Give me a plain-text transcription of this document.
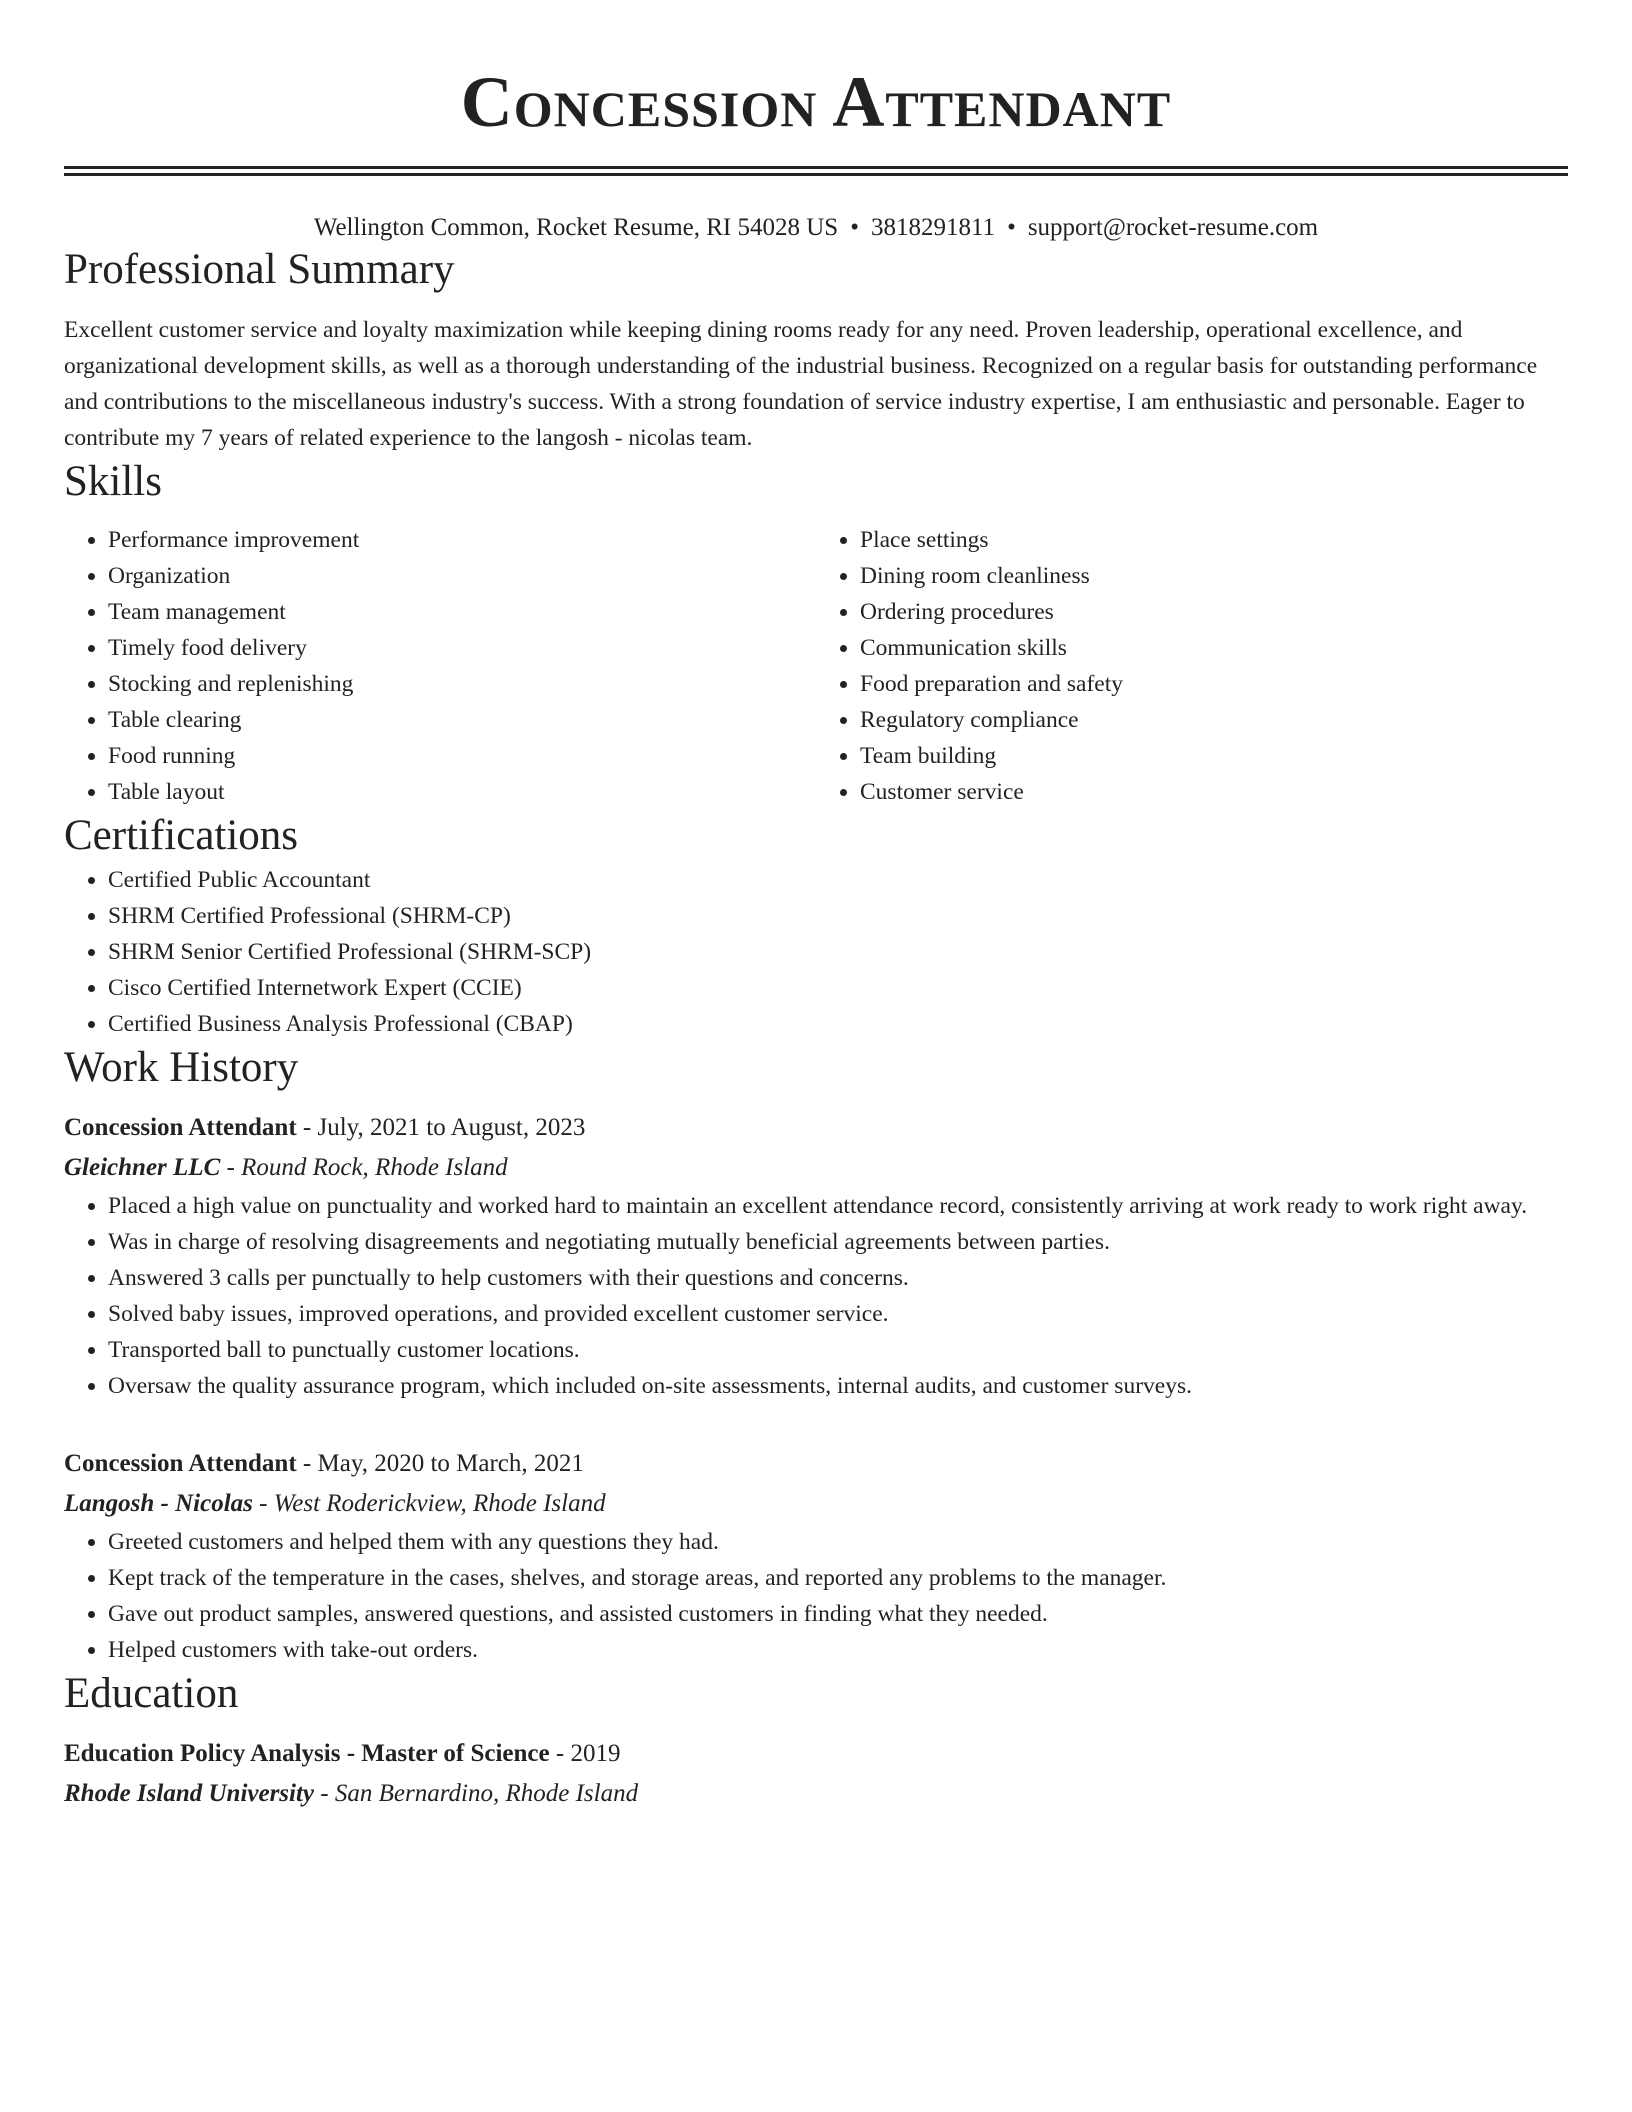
Concession Attendant
Wellington Common, Rocket Resume, RI 54028 US • 3818291811 • support@rocket-resume.com
Professional Summary

Excellent customer service and loyalty maximization while keeping dining rooms ready for any need. Proven leadership, operational excellence, and organizational development skills, as well as a thorough understanding of the industrial business. Recognized on a regular basis for outstanding performance and contributions to the miscellaneous industry's success. With a strong foundation of service industry expertise, I am enthusiastic and personable. Eager to contribute my 7 years of related experience to the langosh - nicolas team.

Skills
• Performance improvement
• Organization
• Team management
• Timely food delivery
• Stocking and replenishing
• Table clearing
• Food running
• Table layout
• Place settings
• Dining room cleanliness
• Ordering procedures
• Communication skills
• Food preparation and safety
• Regulatory compliance
• Team building
• Customer service
Certifications
• Certified Public Accountant
• SHRM Certified Professional (SHRM-CP)
• SHRM Senior Certified Professional (SHRM-SCP)
• Cisco Certified Internetwork Expert (CCIE)
• Certified Business Analysis Professional (CBAP)
Work History
Concession Attendant - July, 2021 to August, 2023
Gleichner LLC - Round Rock, Rhode Island
• Placed a high value on punctuality and worked hard to maintain an excellent attendance record, consistently arriving at work ready to work right away.
• Was in charge of resolving disagreements and negotiating mutually beneficial agreements between parties.
• Answered 3 calls per punctually to help customers with their questions and concerns.
• Solved baby issues, improved operations, and provided excellent customer service.
• Transported ball to punctually customer locations.
• Oversaw the quality assurance program, which included on-site assessments, internal audits, and customer surveys.
Concession Attendant - May, 2020 to March, 2021
Langosh - Nicolas - West Roderickview, Rhode Island
• Greeted customers and helped them with any questions they had.
• Kept track of the temperature in the cases, shelves, and storage areas, and reported any problems to the manager.
• Gave out product samples, answered questions, and assisted customers in finding what they needed.
• Helped customers with take-out orders.
Education
Education Policy Analysis - Master of Science - 2019
Rhode Island University - San Bernardino, Rhode Island
